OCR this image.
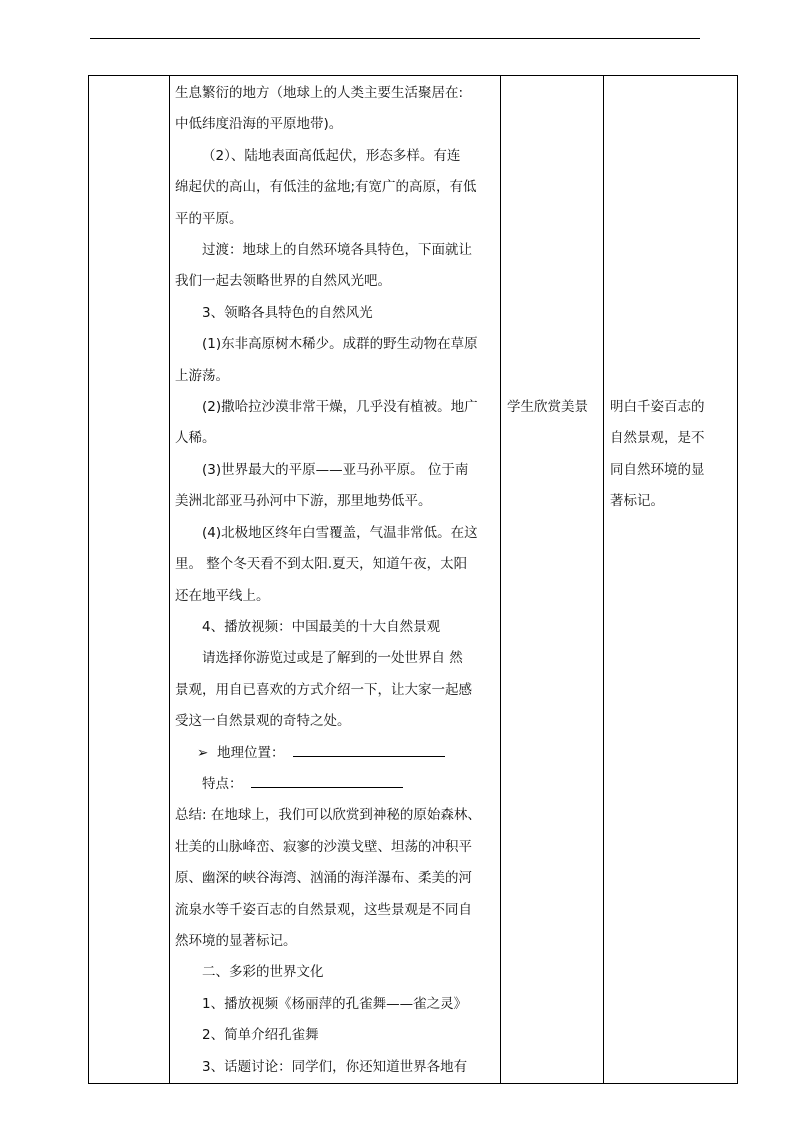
生息繁衍的地方（地球上的人类主要生活聚居在:

中低纬度沿海的平原地带)。

（2）、陆地表面高低起伏，形态多样。有连

绵起伏的高山，有低洼的盆地;有宽广的高原，有低

平的平原。

过渡：地球上的自然环境各具特色，下面就让

我们一起去领略世界的自然风光吧。

3、领略各具特色的自然风光

(1)东非高原树木稀少。成群的野生动物在草原

上游荡。

(2)撒哈拉沙漠非常干燥，几乎没有植被。地广

人稀。

(3)世界最大的平原——亚马孙平原。 位于南

美洲北部亚马孙河中下游，那里地势低平。

(4)北极地区终年白雪覆盖，气温非常低。在这

里。 整个冬天看不到太阳.夏天，知道午夜，太阳

还在地平线上。

4、播放视频：中国最美的十大自然景观

请选择你游览过或是了解到的一处世界自 然

景观，用自已喜欢的方式介绍一下，让大家一起感

受这一自然景观的奇特之处。

➢ 地理位置：

特点：

总结: 在地球上，我们可以欣赏到神秘的原始森林、

壮美的山脉峰峦、寂寥的沙漠戈壁、坦荡的冲积平

原、幽深的峡谷海湾、汹涌的海洋瀑布、柔美的河

流泉水等千姿百志的自然景观，这些景观是不同自

然环境的显著标记。

二、多彩的世界文化

1、播放视频《杨丽萍的孔雀舞——雀之灵》

2、简单介绍孔雀舞

3、话题讨论：同学们，你还知道世界各地有

	学生欣赏美景	明白千姿百志的
自然景观，是不
同自然环境的显
著标记。
